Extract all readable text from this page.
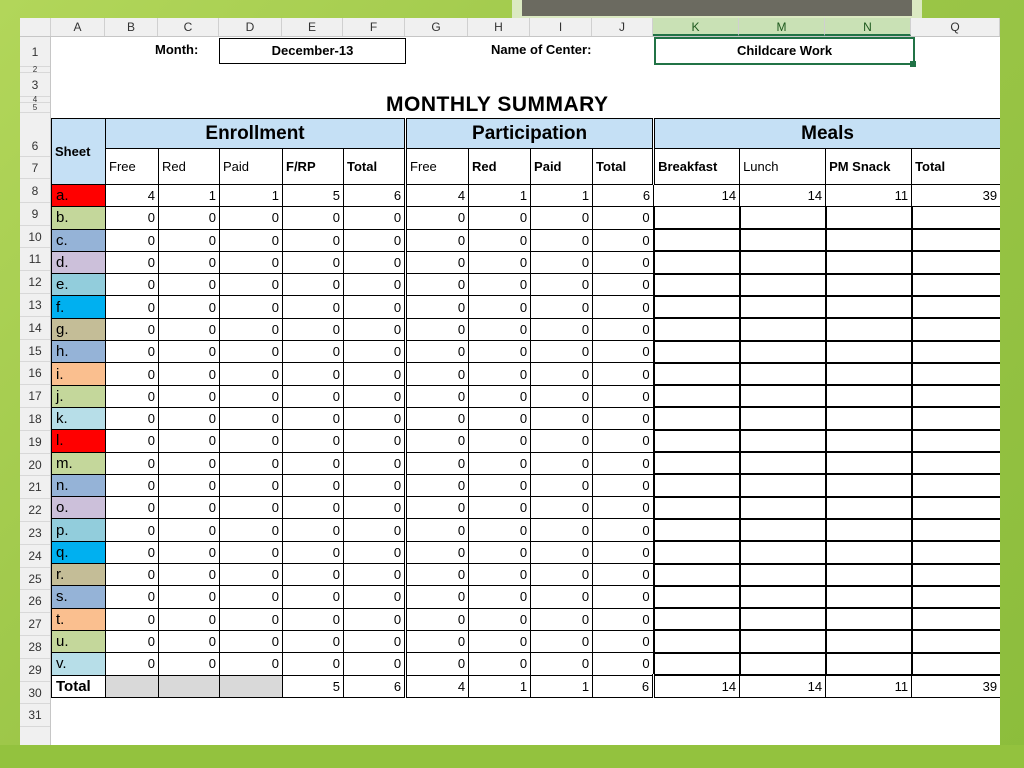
A	B	C	D	E	F	G	H	I	J	K	M	N	Q
1
2
3
4
5
6
7
8
9
10
11
12
13
14
15
16
17
18
19
20
21
22
23
24
25
26
27
28
29
30
31
Month:	December-13	Name of Center:	Childcare Work
MONTHLY SUMMARY
Sheet	Enrollment					Participation				Meals			
	Free	Red	Paid	F/RP	Total	Free	Red	Paid	Total	Breakfast	Lunch	PM Snack	Total
a.	4	1	1	5	6	4	1	1	6	14	14	11	39
b.	0	0	0	0	0	0	0	0	0				
c.	0	0	0	0	0	0	0	0	0				
d.	0	0	0	0	0	0	0	0	0				
e.	0	0	0	0	0	0	0	0	0				
f.	0	0	0	0	0	0	0	0	0				
g.	0	0	0	0	0	0	0	0	0				
h.	0	0	0	0	0	0	0	0	0				
i.	0	0	0	0	0	0	0	0	0				
j.	0	0	0	0	0	0	0	0	0				
k.	0	0	0	0	0	0	0	0	0				
l.	0	0	0	0	0	0	0	0	0				
m.	0	0	0	0	0	0	0	0	0				
n.	0	0	0	0	0	0	0	0	0				
o.	0	0	0	0	0	0	0	0	0				
p.	0	0	0	0	0	0	0	0	0				
q.	0	0	0	0	0	0	0	0	0				
r.	0	0	0	0	0	0	0	0	0				
s.	0	0	0	0	0	0	0	0	0				
t.	0	0	0	0	0	0	0	0	0				
u.	0	0	0	0	0	0	0	0	0				
v.	0	0	0	0	0	0	0	0	0				
Total				5	6	4	1	1	6	14	14	11	39
